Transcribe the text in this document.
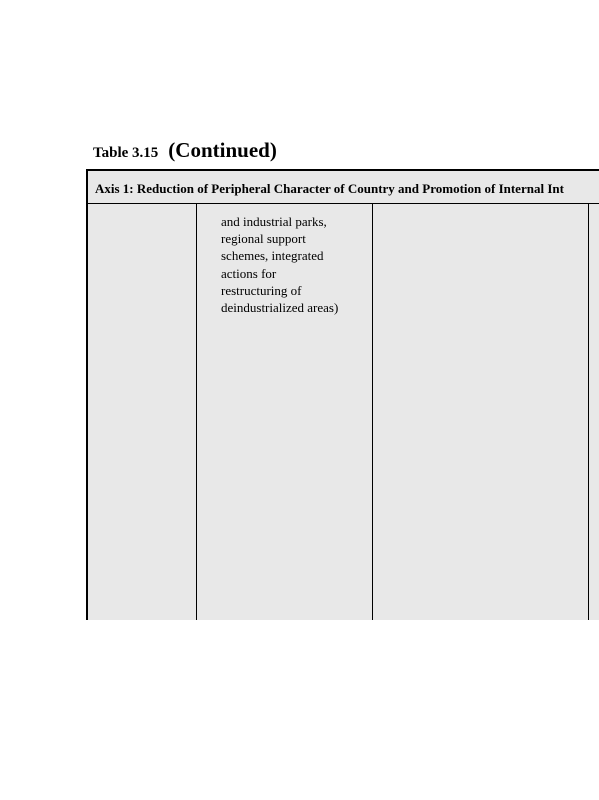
Table 3.15 (Continued)
Axis 1: Reduction of Peripheral Character of Country and Promotion of Internal Int
and industrial parks,
regional support
schemes, integrated
actions for
restructuring of
deindustrialized areas)
